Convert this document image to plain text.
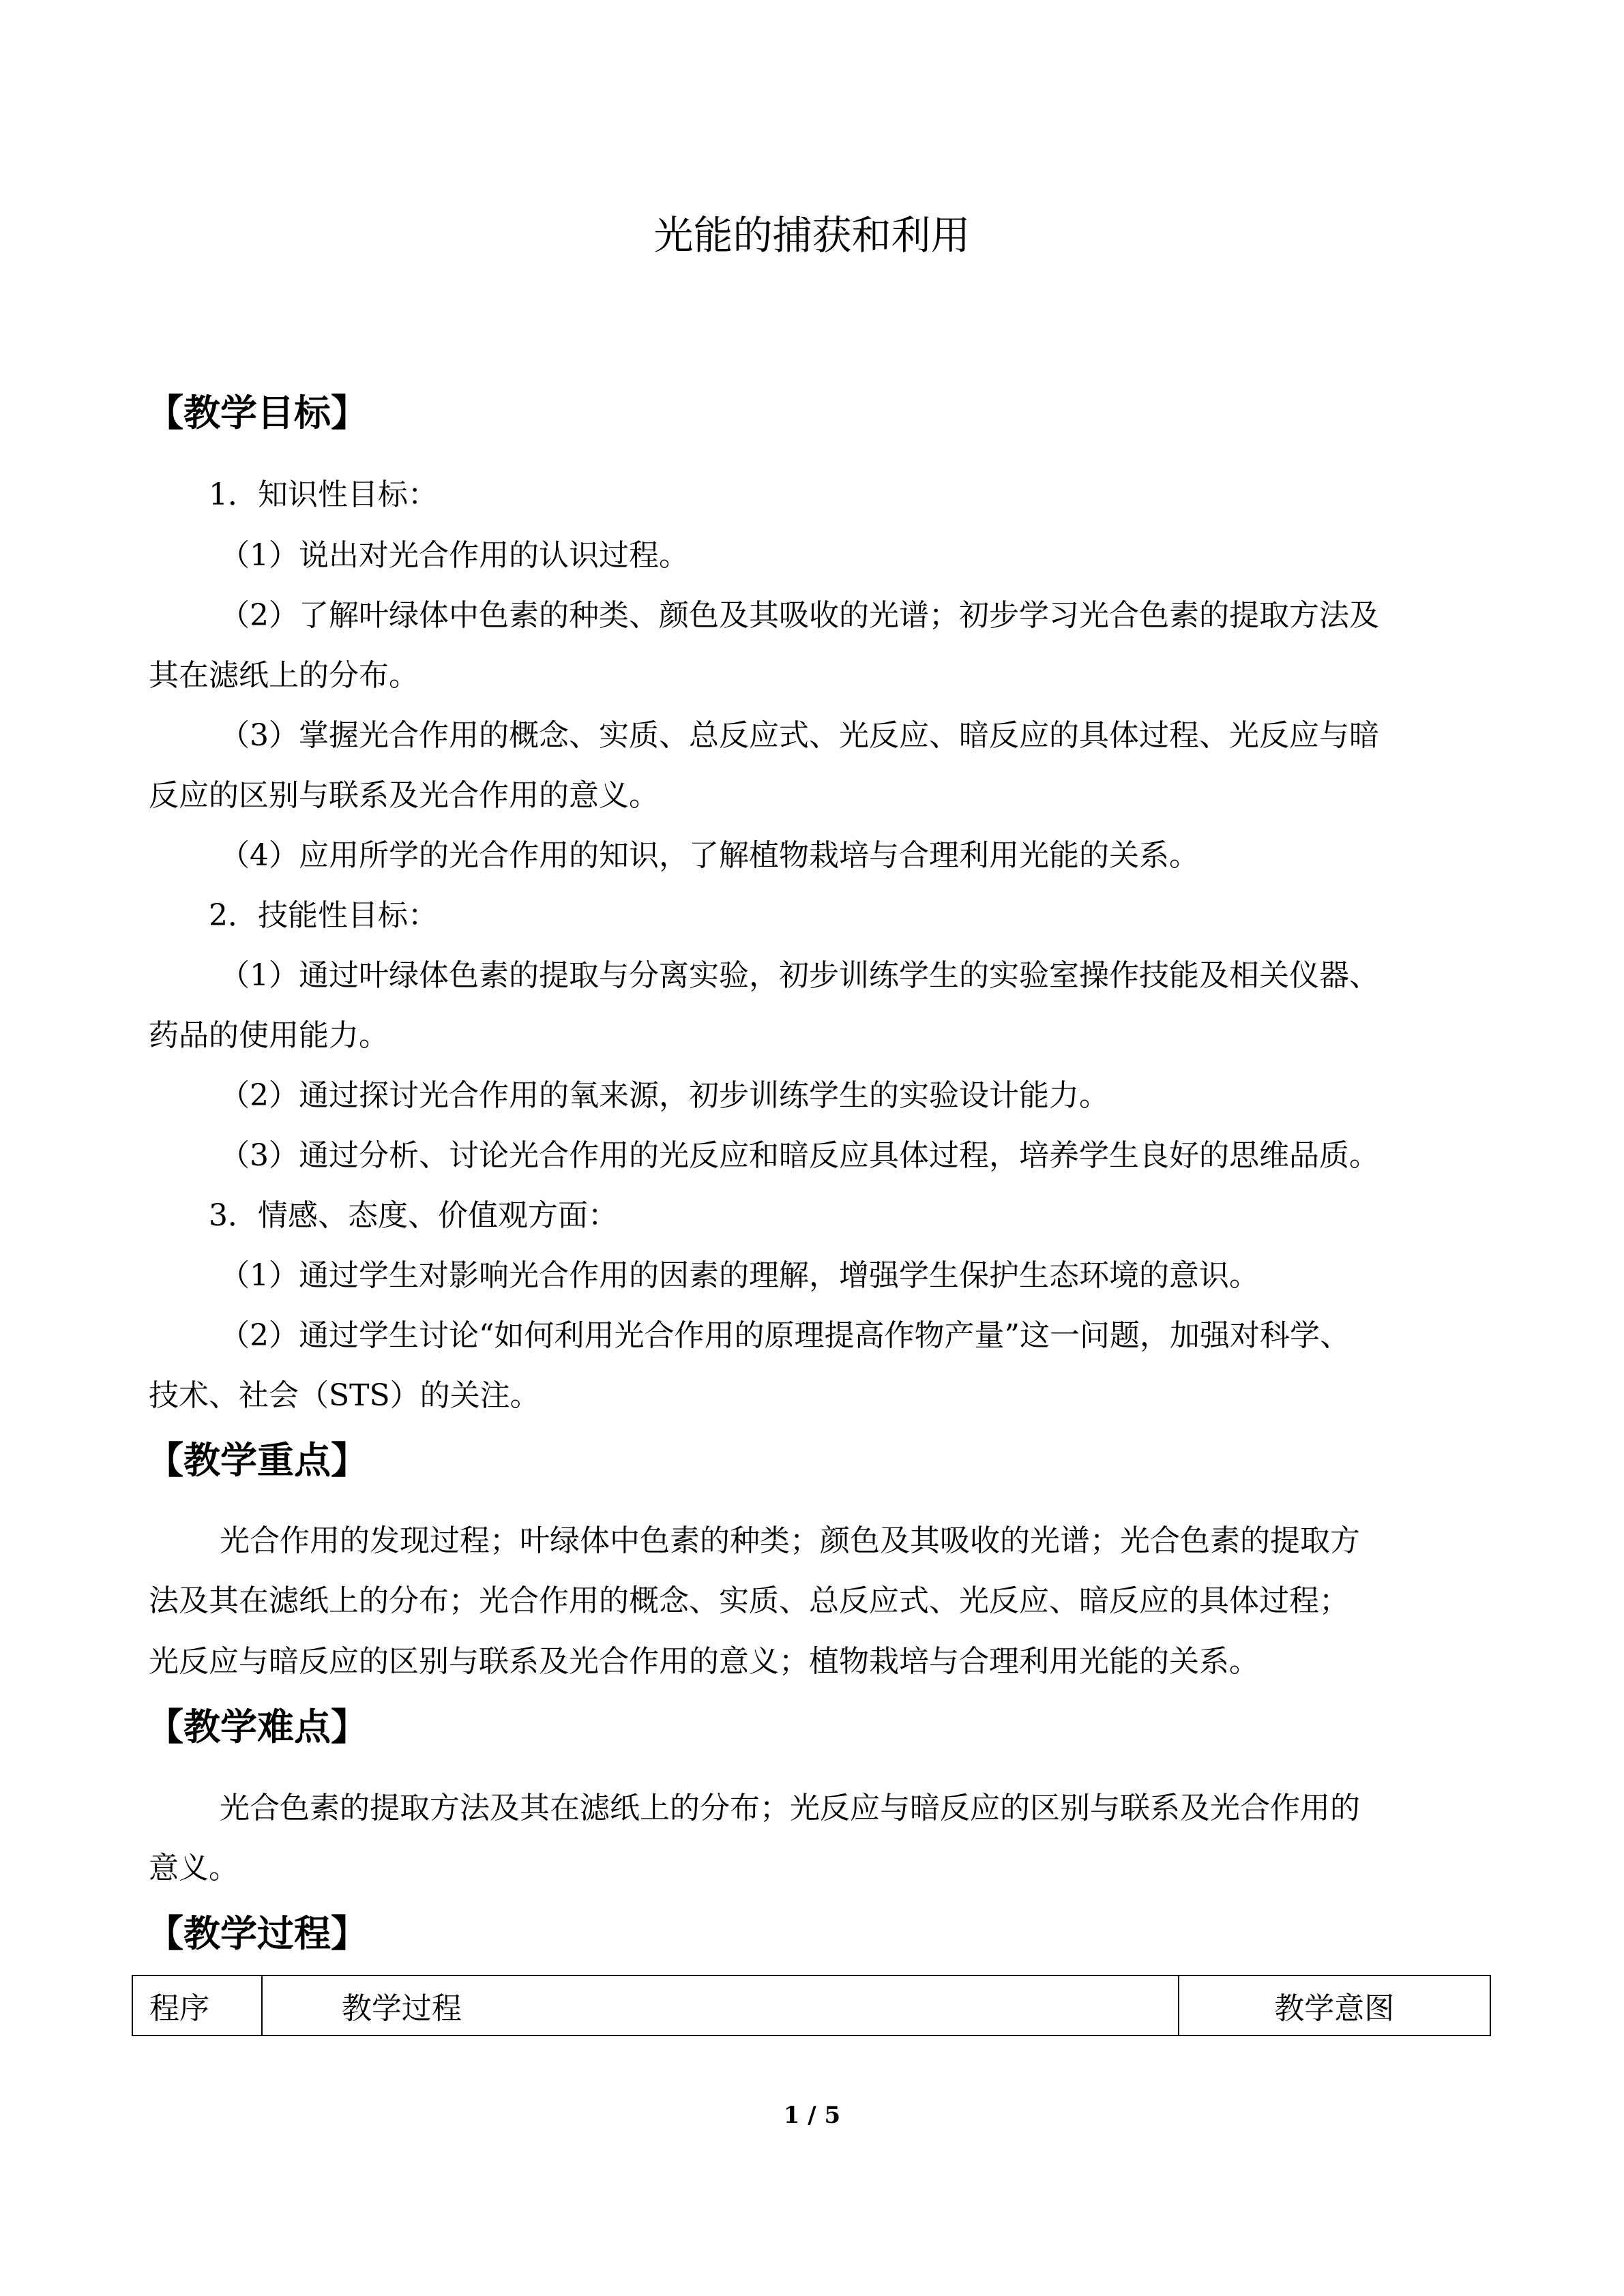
光能的捕获和利用
【教学目标】
1．知识性目标：
（1）说出对光合作用的认识过程。
（2）了解叶绿体中色素的种类、颜色及其吸收的光谱；初步学习光合色素的提取方法及
其在滤纸上的分布。
（3）掌握光合作用的概念、实质、总反应式、光反应、暗反应的具体过程、光反应与暗
反应的区别与联系及光合作用的意义。
（4）应用所学的光合作用的知识，了解植物栽培与合理利用光能的关系。
2．技能性目标：
（1）通过叶绿体色素的提取与分离实验，初步训练学生的实验室操作技能及相关仪器、
药品的使用能力。
（2）通过探讨光合作用的氧来源，初步训练学生的实验设计能力。
（3）通过分析、讨论光合作用的光反应和暗反应具体过程，培养学生良好的思维品质。
3．情感、态度、价值观方面：
（1）通过学生对影响光合作用的因素的理解，增强学生保护生态环境的意识。
（2）通过学生讨论“如何利用光合作用的原理提高作物产量”这一问题，加强对科学、
技术、社会（STS）的关注。
【教学重点】
光合作用的发现过程；叶绿体中色素的种类；颜色及其吸收的光谱；光合色素的提取方
法及其在滤纸上的分布；光合作用的概念、实质、总反应式、光反应、暗反应的具体过程；
光反应与暗反应的区别与联系及光合作用的意义；植物栽培与合理利用光能的关系。
【教学难点】
光合色素的提取方法及其在滤纸上的分布；光反应与暗反应的区别与联系及光合作用的
意义。
【教学过程】
程序	教学过程	教学意图
1 / 5
